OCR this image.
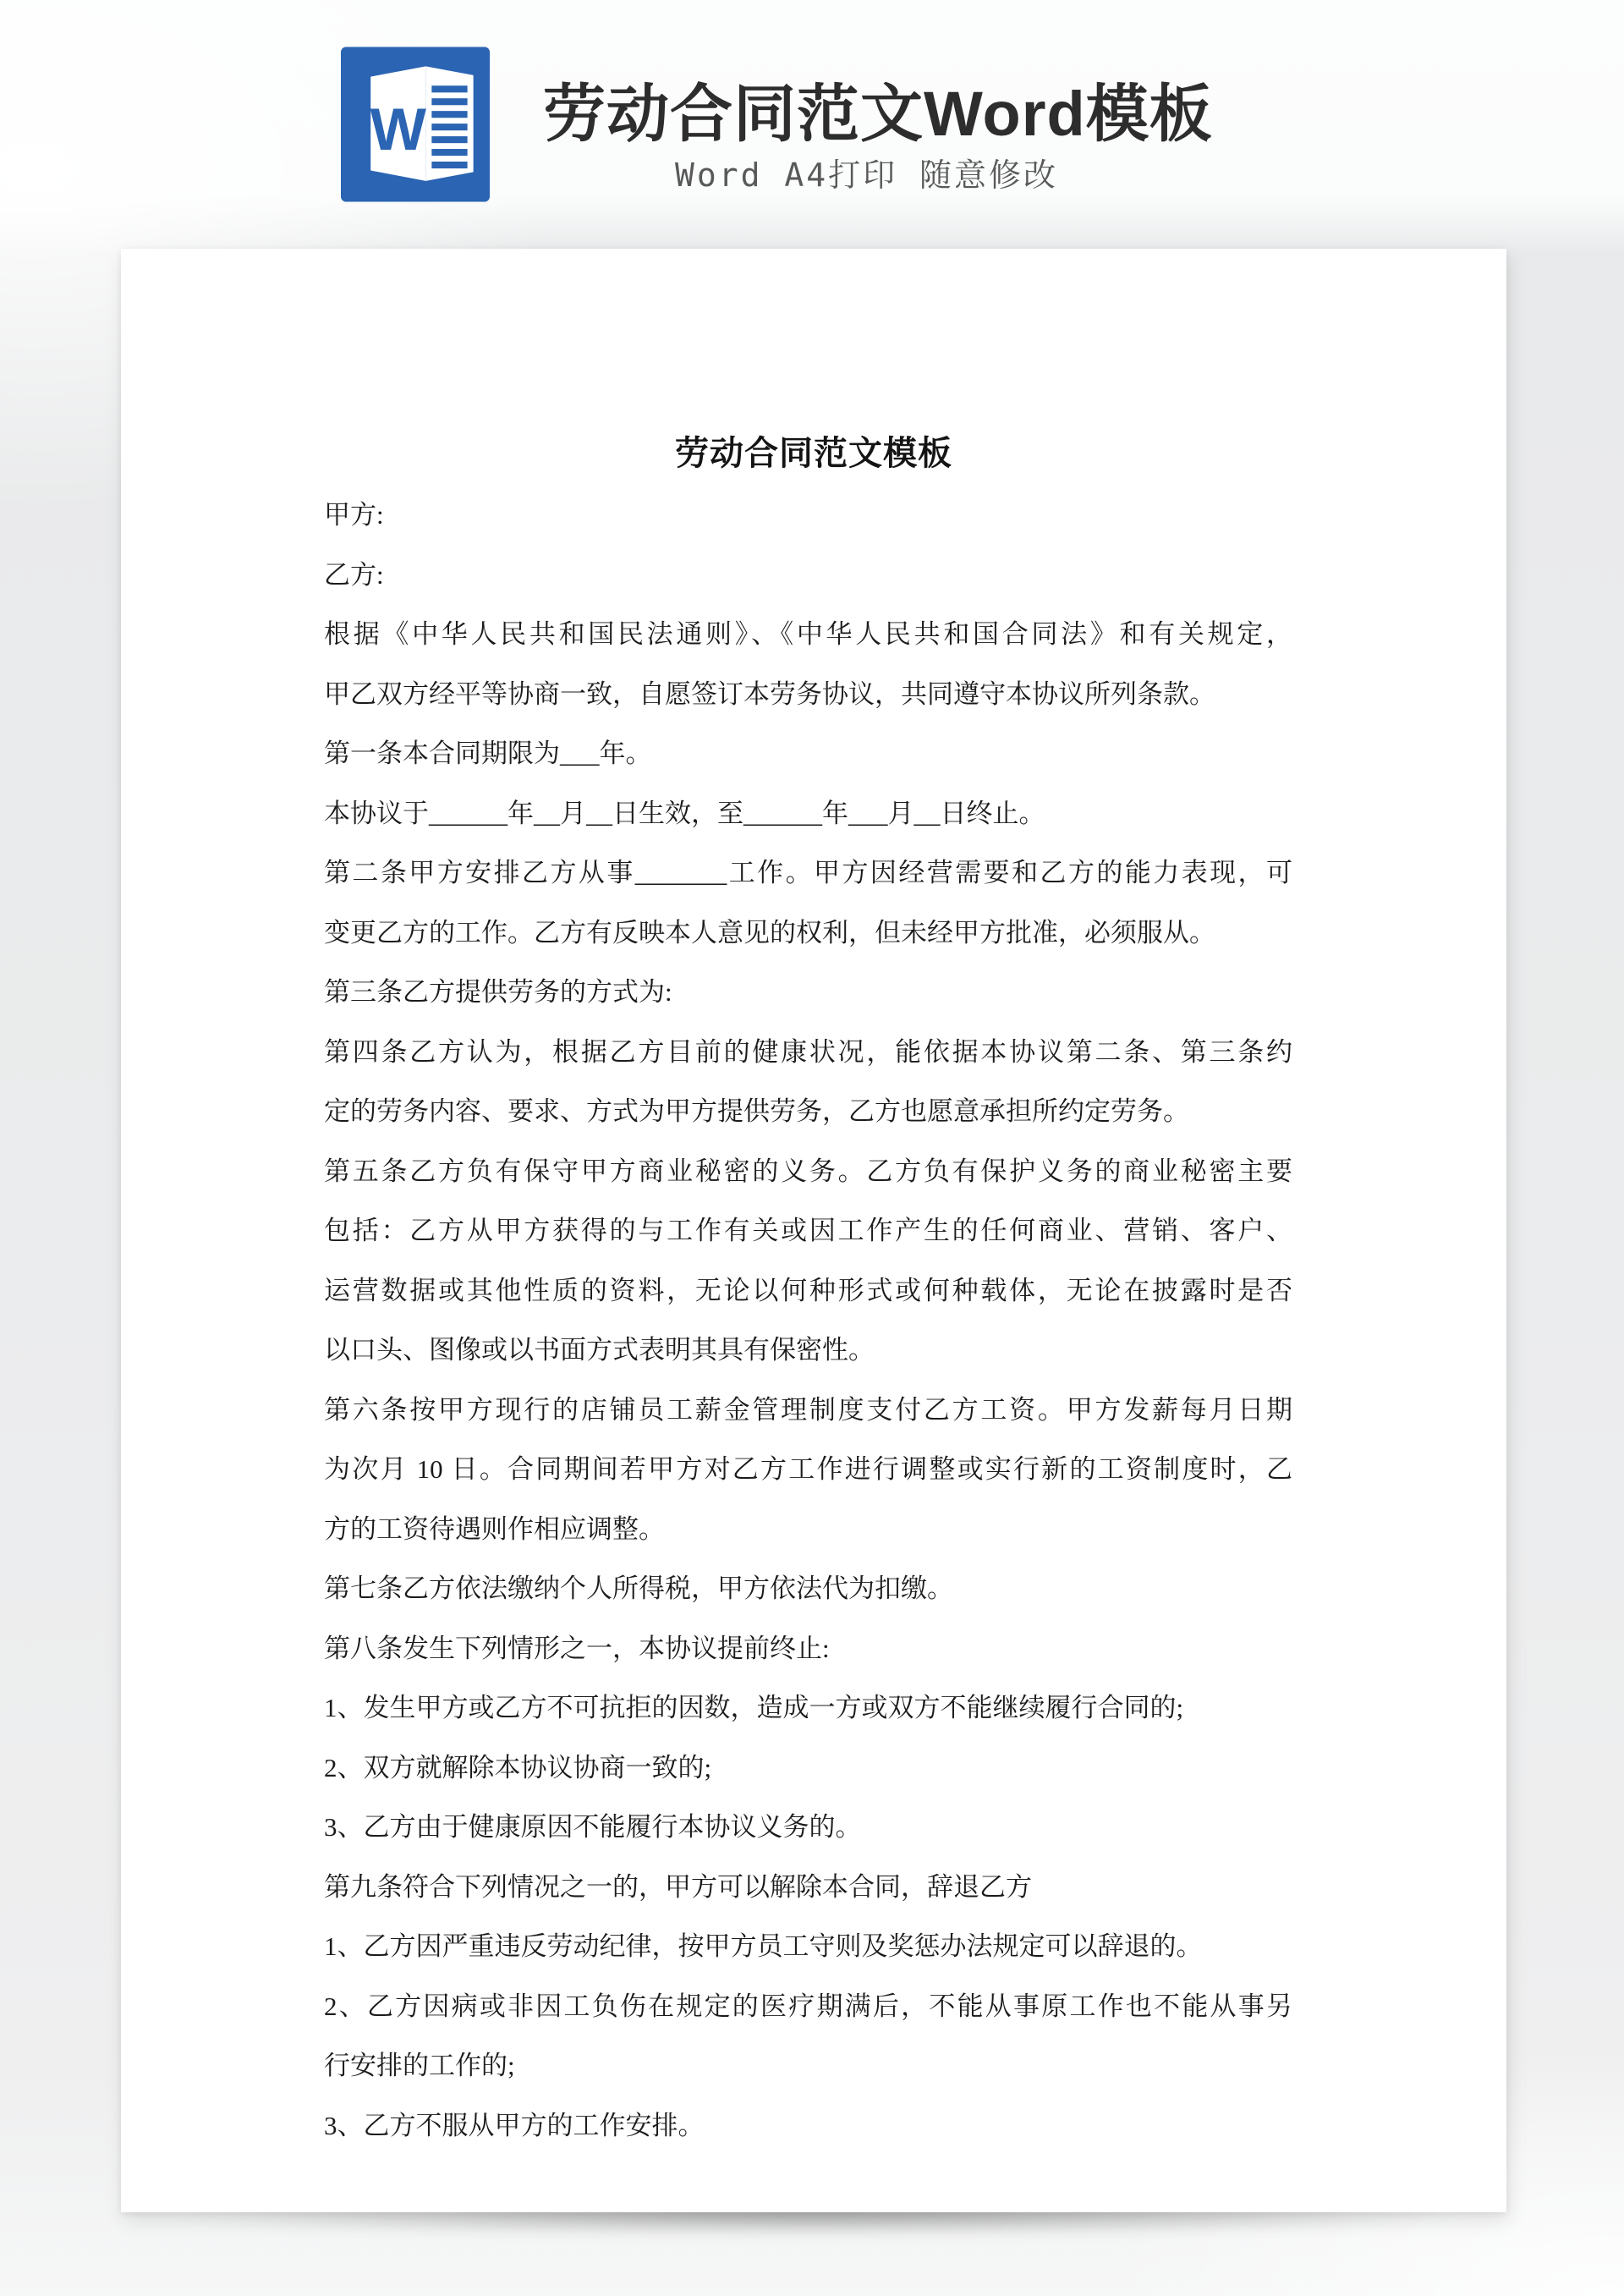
W 劳动合同范文Word模板
Word A4打印 随意修改
劳动合同范文模板
甲方:
乙方:
根据《中华人民共和国民法通则》、《中华人民共和国合同法》和有关规定，
甲乙双方经平等协商一致，自愿签订本劳务协议，共同遵守本协议所列条款。
第一条本合同期限为___年。
本协议于______年__月__日生效，至______年___月__日终止。
第二条甲方安排乙方从事_______工作。甲方因经营需要和乙方的能力表现，可
变更乙方的工作。乙方有反映本人意见的权利，但未经甲方批准，必须服从。
第三条乙方提供劳务的方式为:
第四条乙方认为，根据乙方目前的健康状况，能依据本协议第二条、第三条约
定的劳务内容、要求、方式为甲方提供劳务，乙方也愿意承担所约定劳务。
第五条乙方负有保守甲方商业秘密的义务。乙方负有保护义务的商业秘密主要
包括：乙方从甲方获得的与工作有关或因工作产生的任何商业、营销、客户、
运营数据或其他性质的资料，无论以何种形式或何种载体，无论在披露时是否
以口头、图像或以书面方式表明其具有保密性。
第六条按甲方现行的店铺员工薪金管理制度支付乙方工资。甲方发薪每月日期
为次月 10 日。合同期间若甲方对乙方工作进行调整或实行新的工资制度时，乙
方的工资待遇则作相应调整。
第七条乙方依法缴纳个人所得税，甲方依法代为扣缴。
第八条发生下列情形之一，本协议提前终止:
1、发生甲方或乙方不可抗拒的因数，造成一方或双方不能继续履行合同的;
2、双方就解除本协议协商一致的;
3、乙方由于健康原因不能履行本协议义务的。
第九条符合下列情况之一的，甲方可以解除本合同，辞退乙方
1、乙方因严重违反劳动纪律，按甲方员工守则及奖惩办法规定可以辞退的。
2、乙方因病或非因工负伤在规定的医疗期满后，不能从事原工作也不能从事另
行安排的工作的;
3、乙方不服从甲方的工作安排。
